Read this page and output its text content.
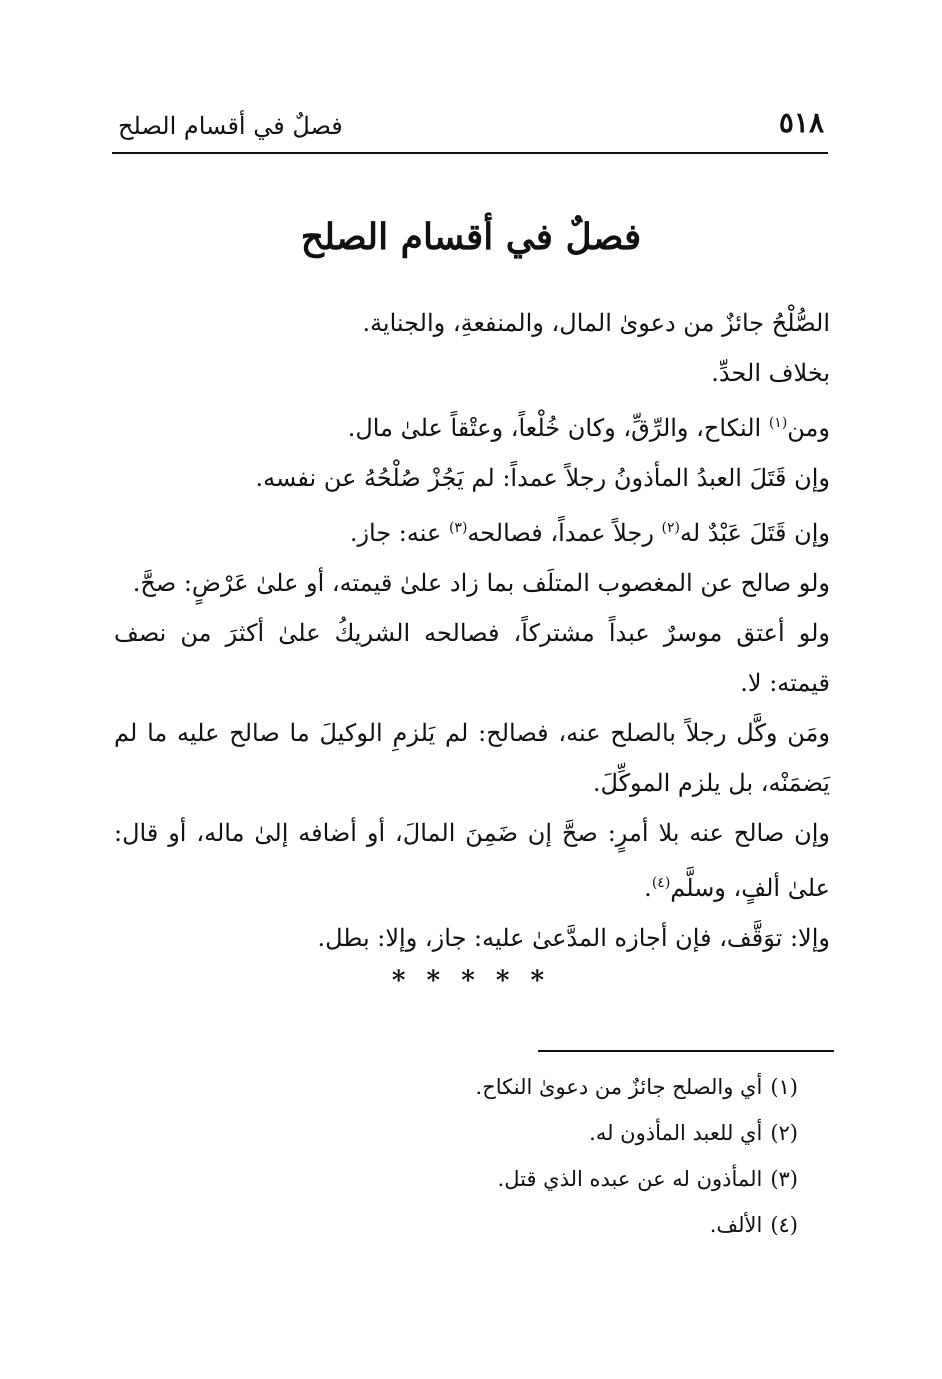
٥١٨
فصلٌ في أقسام الصلح
فصلٌ في أقسام الصلح

الصُّلْحُ جائزٌ من دعوىٰ المال، والمنفعةِ، والجناية.

بخلاف الحدِّ.

ومن$^{(١)}$ النكاح، والرِّقِّ، وكان خُلْعاً، وعتْقاً علىٰ مال.

وإن قَتَلَ العبدُ المأذونُ رجلاً عمداً: لم يَجُزْ صُلْحُهُ عن نفسه.

وإن قَتَلَ عَبْدٌ له$^{(٢)}$ رجلاً عمداً، فصالحه$^{(٣)}$ عنه: جاز.

ولو صالح عن المغصوب المتلَف بما زاد علىٰ قيمته، أو علىٰ عَرْضٍ: صحَّ.

ولو أعتق موسرٌ عبداً مشتركاً، فصالحه الشريكُ علىٰ أكثرَ من نصف قيمته: لا.

ومَن وكَّل رجلاً بالصلح عنه، فصالح: لم يَلزمِ الوكيلَ ما صالح عليه ما لم يَضمَنْه، بل يلزم الموكِّلَ.

وإن صالح عنه بلا أمرٍ: صحَّ إن ضَمِنَ المالَ، أو أضافه إلىٰ ماله، أو قال: علىٰ ألفٍ، وسلَّم$^{(٤)}$.

وإلا: توَقَّف، فإن أجازه المدَّعىٰ عليه: جاز، وإلا: بطل.

* * * * *

(١)أي والصلح جائزٌ من دعوىٰ النكاح.

(٢)أي للعبد المأذون له.

(٣)المأذون له عن عبده الذي قتل.

(٤)الألف.
